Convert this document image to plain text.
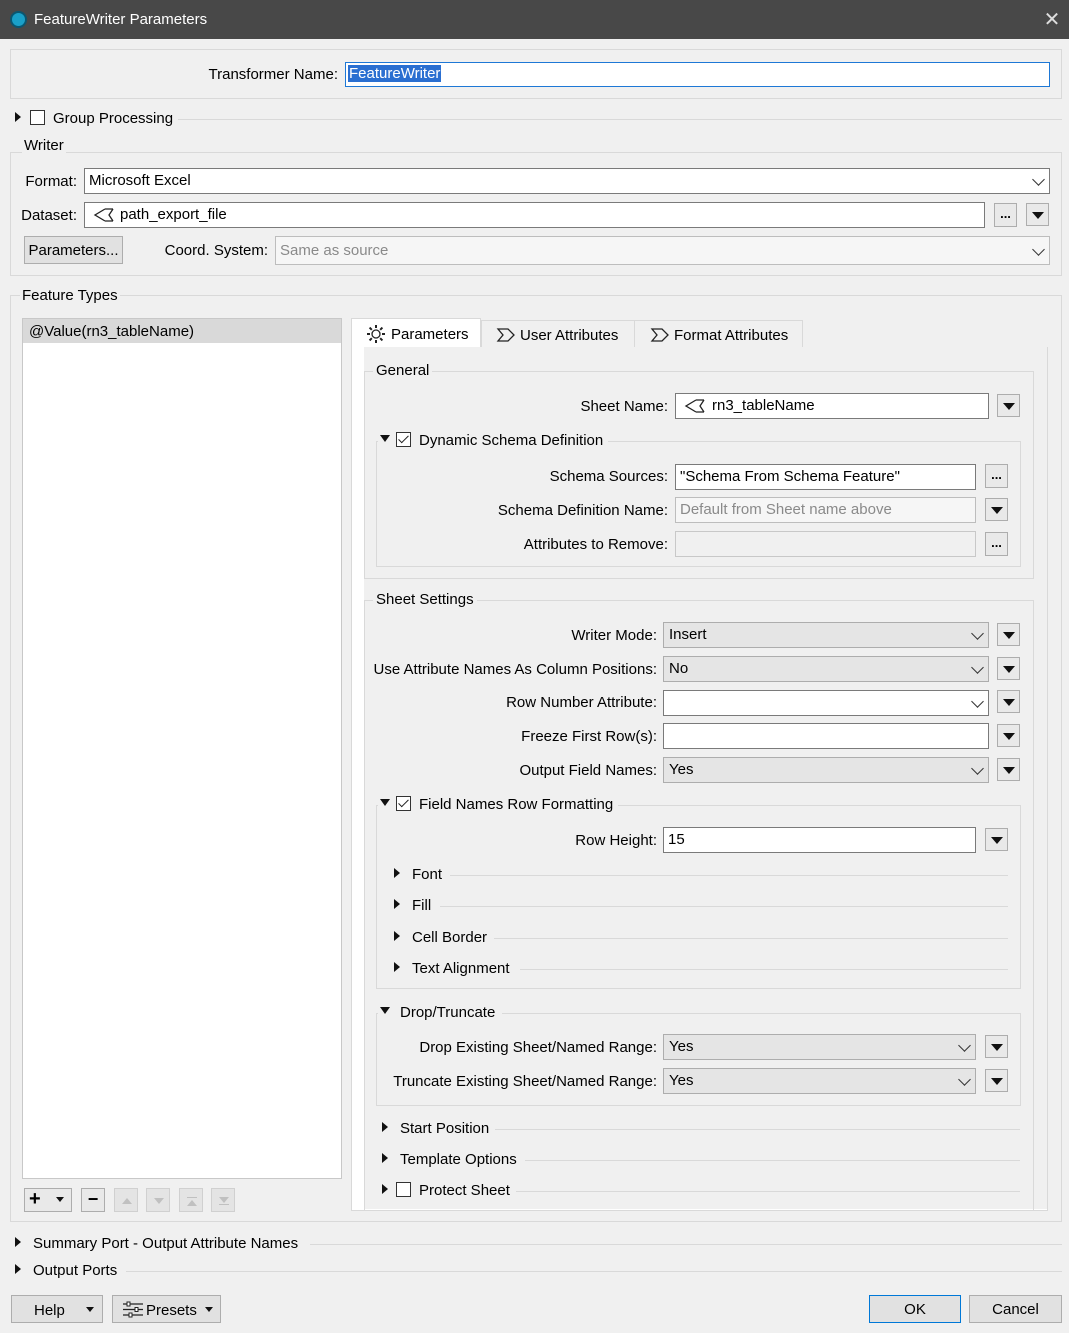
FeatureWriter Parameters	✕
Transformer Name: FeatureWriter
Group Processing
Writer
Format: Microsoft Excel
Dataset:	path_export_file	...
Parameters...	Coord. System: Same as source
Feature Types
@Value(rn3_tableName)
+	−
Parameters	User Attributes	Format Attributes
General
Sheet Name:	rn3_tableName
Dynamic Schema Definition
Schema Sources: "Schema From Schema Feature"	...
Schema Definition Name: Default from Sheet name above
Attributes to Remove:	...
Sheet Settings
Writer Mode: Insert
Use Attribute Names As Column Positions: No
Row Number Attribute:
Freeze First Row(s):
Output Field Names: Yes
Field Names Row Formatting
Row Height: 15
Font
Fill
Cell Border
Text Alignment
Drop/Truncate
Drop Existing Sheet/Named Range: Yes
Truncate Existing Sheet/Named Range: Yes
Start Position
Template Options
Protect Sheet
Summary Port - Output Attribute Names
Output Ports
Help	Presets	OK	Cancel
